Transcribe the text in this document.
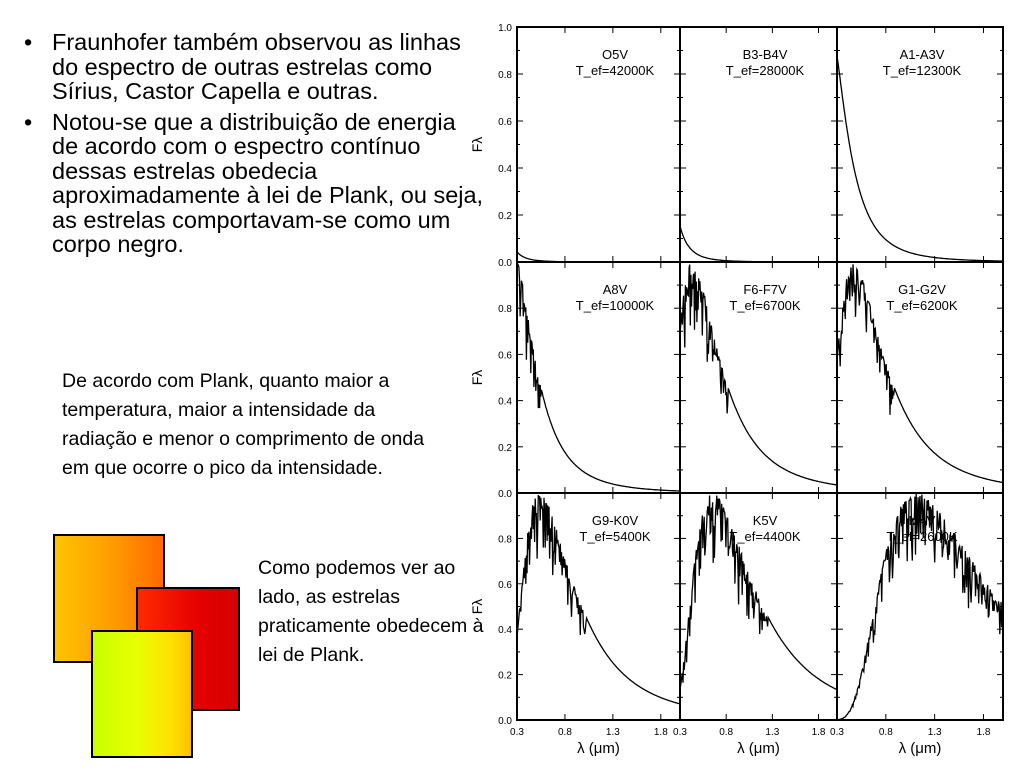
• Fraunhofer também observou as linhas do espectro de outras estrelas como Sírius, Castor Capella e outras.
• Notou-se que a distribuição de energia de acordo com o espectro contínuo dessas estrelas obedecia aproximadamente à lei de Plank, ou seja, as estrelas comportavam-se como um corpo negro.
De acordo com Plank, quanto maior a temperatura, maior a intensidade da radiação e menor o comprimento de onda em que ocorre o pico da intensidade.
Como podemos ver ao lado, as estrelas praticamente obedecem à lei de Plank.
O5V
T_ef=42000K
B3-B4V
T_ef=28000K
A1-A3V
T_ef=12300K
A8V
T_ef=10000K
F6-F7V
T_ef=6700K
G1-G2V
T_ef=6200K
G9-K0V
T_ef=5400K
K5V
T_ef=4400K
M4V
T_ef=2600K
0.0
0.2
0.4
0.6
0.8
1.0
Fλ
0.0
0.2
0.4
0.6
0.8
Fλ
0.0
0.2
0.4
0.6
0.8
Fλ
0.3	0.8	1.3	1.8
λ (μm)
0.3	0.8	1.3	1.8
λ (μm)
0.3	0.8	1.3	1.8
λ (μm)
